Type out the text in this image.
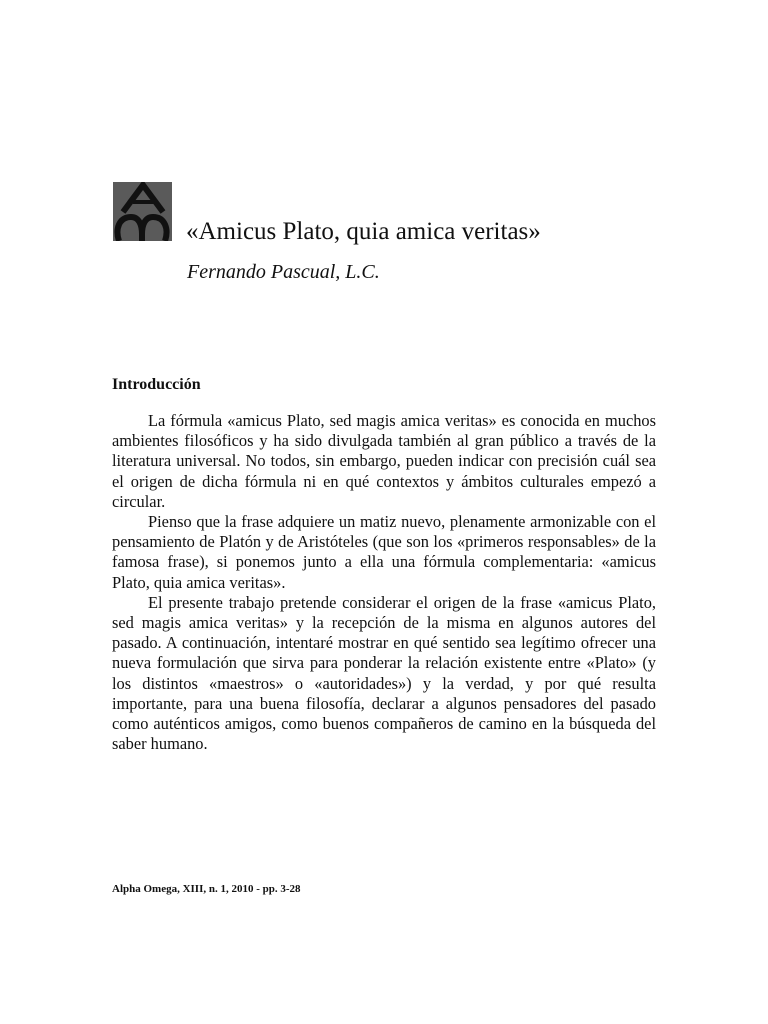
«Amicus Plato, quia amica veritas»
Fernando Pascual, L.C.
Introducción

La fórmula «amicus Plato, sed magis amica veritas» es conocida en muchos ambientes filosóficos y ha sido divulgada también al gran público a través de la literatura universal. No todos, sin embargo, pueden indicar con precisión cuál sea el origen de dicha fórmula ni en qué contextos y ámbitos culturales empezó a circular.

Pienso que la frase adquiere un matiz nuevo, plenamente armonizable con el pensamiento de Platón y de Aristóteles (que son los «primeros responsables» de la famosa frase), si ponemos junto a ella una fórmula complementaria: «amicus Plato, quia amica veritas».

El presente trabajo pretende considerar el origen de la frase «amicus Plato, sed magis amica veritas» y la recepción de la misma en algunos autores del pasado. A continuación, intentaré mostrar en qué sentido sea legítimo ofrecer una nueva formulación que sirva para ponderar la relación existente entre «Plato» (y los distintos «maestros» o «autoridades») y la verdad, y por qué resulta importante, para una buena filosofía, declarar a algunos pensadores del pasado como auténticos amigos, como buenos compañeros de camino en la búsqueda del saber humano.

Alpha Omega, XIII, n. 1, 2010 - pp. 3-28
